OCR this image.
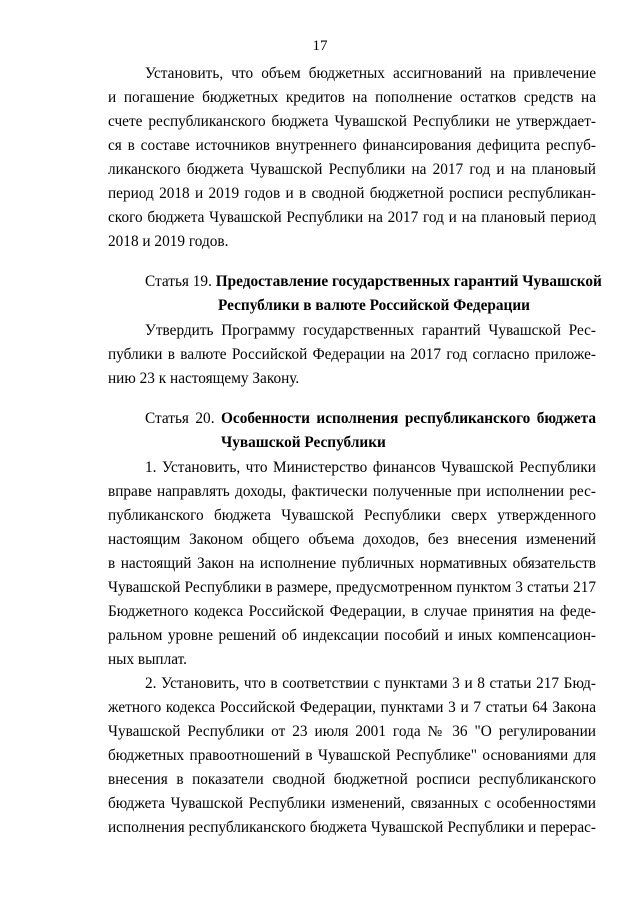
17
Установить, что объем бюджетных ассигнований на привлечение
и погашение бюджетных кредитов на пополнение остатков средств на
счете республиканского бюджета Чувашской Республики не утверждает-
ся в составе источников внутреннего финансирования дефицита респуб-
ликанского бюджета Чувашской Республики на 2017 год и на плановый
период 2018 и 2019 годов и в сводной бюджетной росписи республикан-
ского бюджета Чувашской Республики на 2017 год и на плановый период
2018 и 2019 годов.
Статья 19. Предоставление государственных гарантий Чувашской
Республики в валюте Российской Федерации
Утвердить Программу государственных гарантий Чувашской Рес-
публики в валюте Российской Федерации на 2017 год согласно приложе-
нию 23 к настоящему Закону.
Статья 20. Особенности исполнения республиканского бюджета
Чувашской Республики
1. Установить, что Министерство финансов Чувашской Республики
вправе направлять доходы, фактически полученные при исполнении рес-
публиканского бюджета Чувашской Республики сверх утвержденного
настоящим Законом общего объема доходов, без внесения изменений
в настоящий Закон на исполнение публичных нормативных обязательств
Чувашской Республики в размере, предусмотренном пунктом 3 статьи 217
Бюджетного кодекса Российской Федерации, в случае принятия на феде-
ральном уровне решений об индексации пособий и иных компенсацион-
ных выплат.
2. Установить, что в соответствии с пунктами 3 и 8 статьи 217 Бюд-
жетного кодекса Российской Федерации, пунктами 3 и 7 статьи 64 Закона
Чувашской Республики от 23 июля 2001 года № 36 "О регулировании
бюджетных правоотношений в Чувашской Республике" основаниями для
внесения в показатели сводной бюджетной росписи республиканского
бюджета Чувашской Республики изменений, связанных с особенностями
исполнения республиканского бюджета Чувашской Республики и перерас-
